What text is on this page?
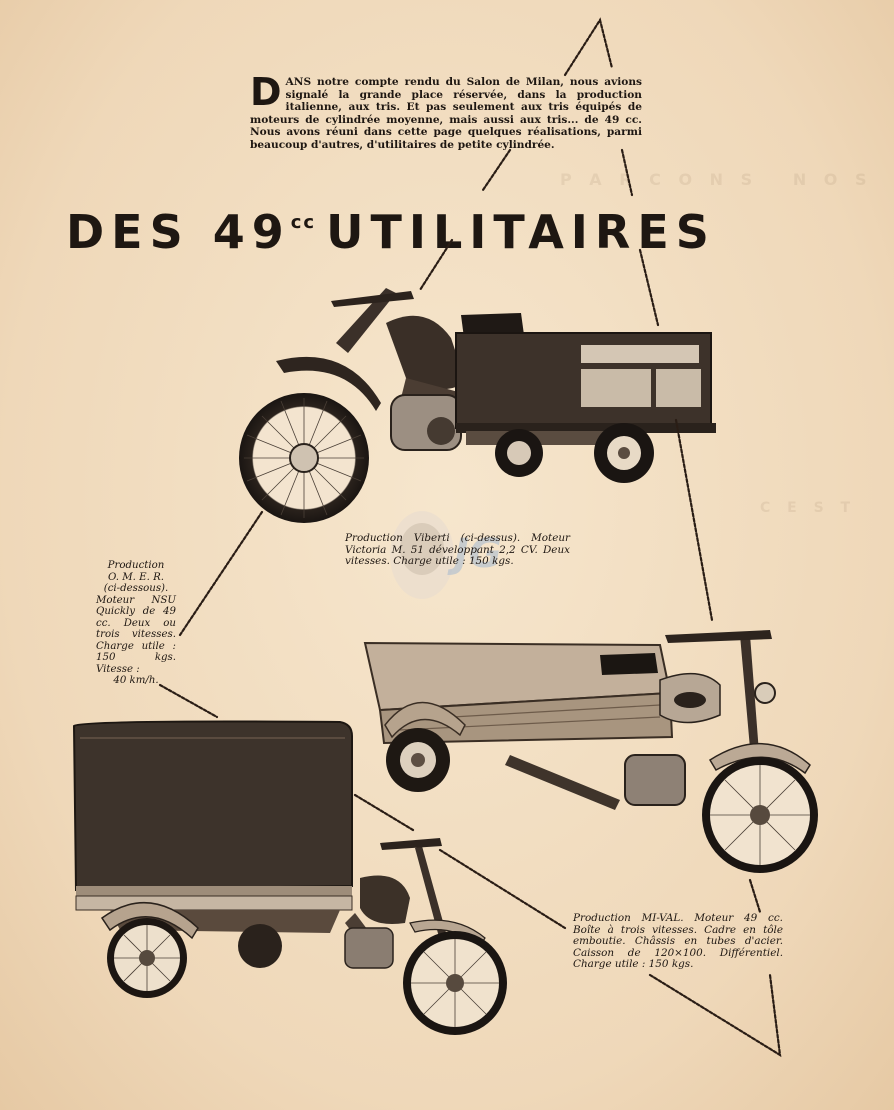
P A R C O N S   N O S
C E S T
D ANS notre compte rendu du Salon de Milan, nous avions signalé la grande place réservée, dans la production italienne, aux tris. Et pas seulement aux tris équipés de moteurs de cylindrée moyenne, mais aussi aux tris... de 49 cc. Nous avons réuni dans cette page quelques réalisations, parmi beaucoup d'autres, d'utilitaires de petite cylindrée.
DES $49^{cc}$ UTILITAIRES
JG
Production Viberti (ci-dessus). Moteur Victoria M. 51 développant 2,2 CV. Deux vitesses. Charge utile : 150 kgs.
Production
O. M. E. R.
(ci-dessous).
Moteur NSU Quickly de 49 cc. Deux ou trois vitesses. Charge utile : 150 kgs. Vitesse :
40 km/h.
Production MI-VAL. Moteur 49 cc. Boîte à trois vitesses. Cadre en tôle emboutie. Châssis en tubes d'acier. Caisson de 120×100. Différentiel. Charge utile : 150 kgs.
